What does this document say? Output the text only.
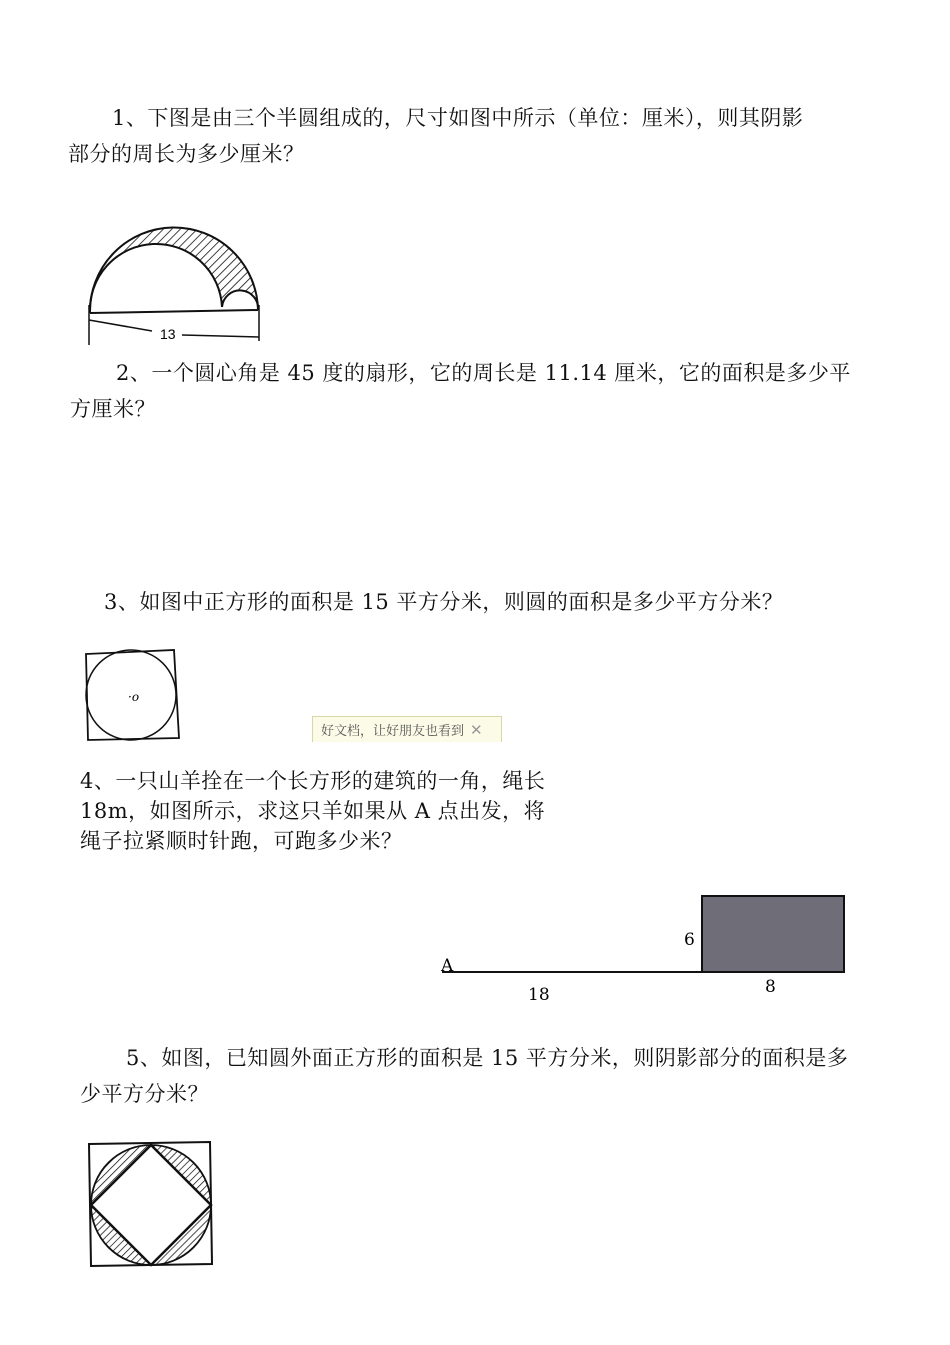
1、下图是由三个半圆组成的，尺寸如图中所示（单位：厘米），则其阴影
部分的周长为多少厘米？
13
2、一个圆心角是 45 度的扇形，它的周长是 11.14 厘米，它的面积是多少平
方厘米？
3、如图中正方形的面积是 15 平方分米，则圆的面积是多少平方分米？
·o
好文档，让好朋友也看到 ✕
4、一只山羊拴在一个长方形的建筑的一角，绳长
18m，如图所示，求这只羊如果从 A 点出发，将
绳子拉紧顺时针跑，可跑多少米？
A
18
6
8
5、如图，已知圆外面正方形的面积是 15 平方分米，则阴影部分的面积是多
少平方分米？
